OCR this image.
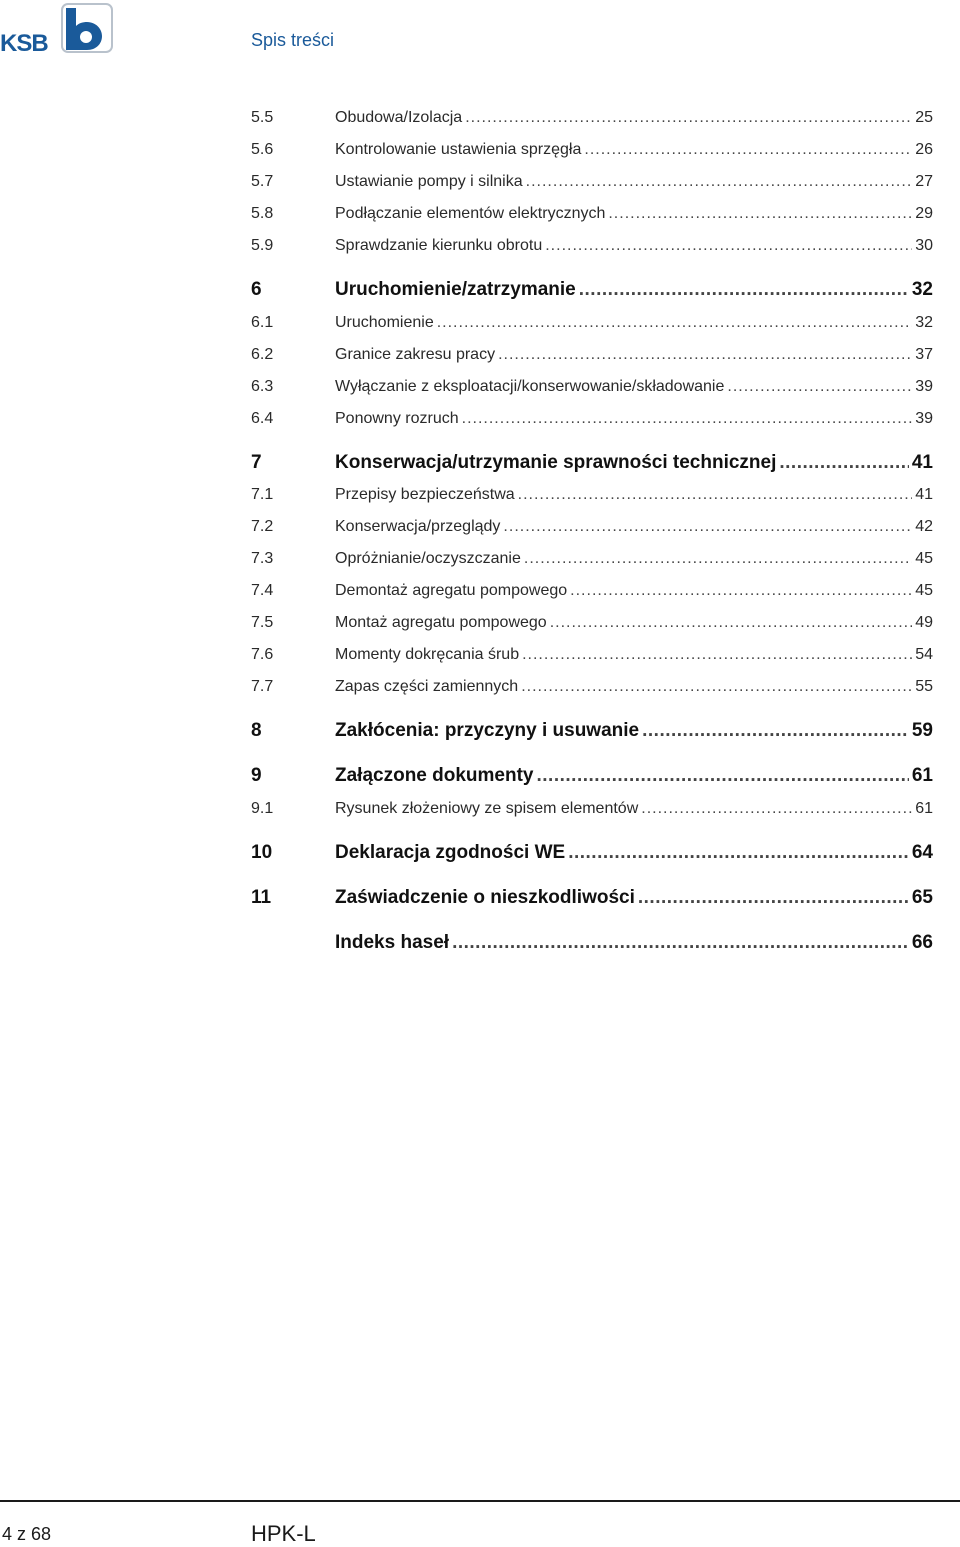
KSB	Spis treści
5.5	Obudowa/Izolacja .....	25
5.6	Kontrolowanie ustawienia sprzęgła .....	26
5.7	Ustawianie pompy i silnika .....	27
5.8	Podłączanie elementów elektrycznych .....	29
5.9	Sprawdzanie kierunku obrotu .....	30
6	Uruchomienie/zatrzymanie .....	32
6.1	Uruchomienie .....	32
6.2	Granice zakresu pracy .....	37
6.3	Wyłączanie z eksploatacji/konserwowanie/składowanie .....	39
6.4	Ponowny rozruch .....	39
7	Konserwacja/utrzymanie sprawności technicznej .....	41
7.1	Przepisy bezpieczeństwa .....	41
7.2	Konserwacja/przeglądy .....	42
7.3	Opróżnianie/oczyszczanie .....	45
7.4	Demontaż agregatu pompowego .....	45
7.5	Montaż agregatu pompowego .....	49
7.6	Momenty dokręcania śrub .....	54
7.7	Zapas części zamiennych .....	55
8	Zakłócenia: przyczyny i usuwanie .....	59
9	Załączone dokumenty .....	61
9.1	Rysunek złożeniowy ze spisem elementów .....	61
10	Deklaracja zgodności WE .....	64
11	Zaświadczenie o nieszkodliwości .....	65
Indeks haseł .....	66
4 z 68	HPK-L
